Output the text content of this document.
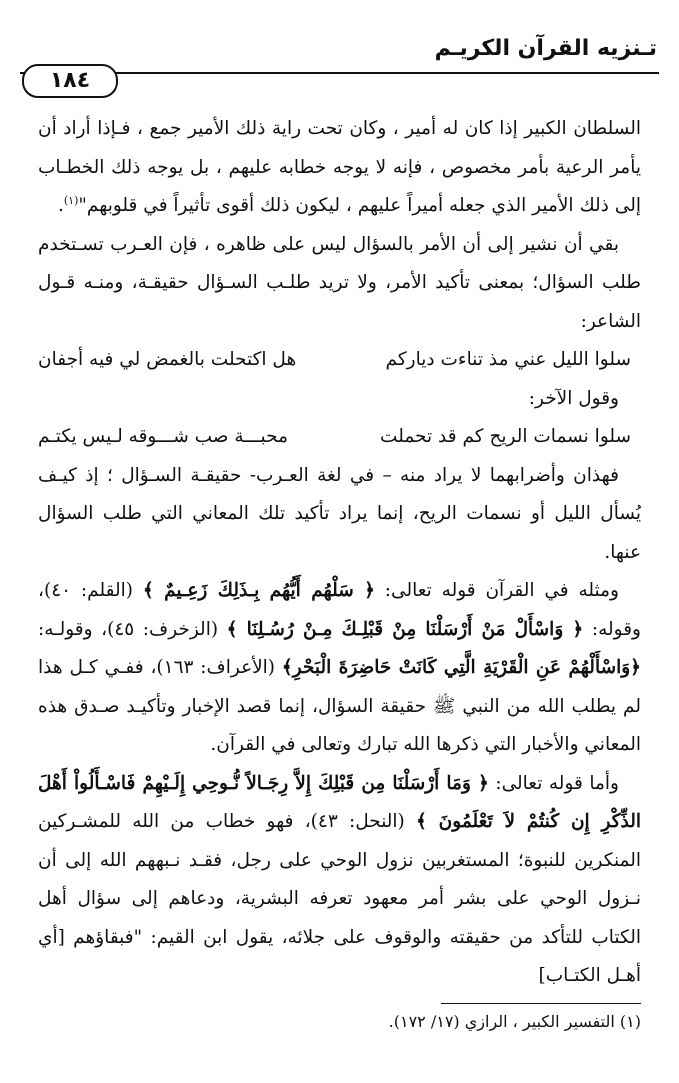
تـنزيه القرآن الكريـم
١٨٤

السلطان الكبير إذا كان له أمير ، وكان تحت راية ذلك الأمير جمع ، فـإذا أراد أن يأمر الرعية بأمر مخصوص ، فإنه لا يوجه خطابه عليهم ، بل يوجه ذلك الخطـاب إلى ذلك الأمير الذي جعله أميراً عليهم ، ليكون ذلك أقوى تأثيراً في قلوبهم"$^{(١)}$.

بقي أن نشير إلى أن الأمر بالسؤال ليس على ظاهره ، فإن العـرب تسـتخدم طلب السؤال؛ بمعنى تأكيد الأمر، ولا تريد طلـب السـؤال حقيقـة، ومنـه قـول الشاعر:

سلوا الليل عني مذ تناءت دياركم
هل اكتحلت بالغمض لي فيه أجفان

وقول الآخر:

سلوا نسمات الريح كم قد تحملت
محبـــة صب شـــوقه لـيس يكتـم

فهذان وأضرابهما لا يراد منه – في لغة العـرب- حقيقـة السـؤال ؛ إذ كيـف يُسأل الليل أو نسمات الريح، إنما يراد تأكيد تلك المعاني التي طلب السؤال عنها.

ومثله في القرآن قوله تعالى: ﴿ سَلْهُم أَيُّهُم بِـذَلِكَ زَعِـيمٌ ﴾ (القلم: ٤٠)، وقوله: ﴿ وَاسْأَلْ مَنْ أَرْسَلْنَا مِنْ قَبْلِـكَ مِـنْ رُسُـلِنَا ﴾ (الزخرف: ٤٥)، وقولـه: ﴿وَاسْأَلْهُمْ عَنِ الْقَرْيَةِ الَّتِي كَانَتْ حَاضِرَةَ الْبَحْرِ﴾ (الأعراف: ١٦٣)، ففـي كـل هذا لم يطلب الله من النبي ﷺ حقيقة السؤال، إنما قصد الإخبار وتأكيـد صـدق هذه المعاني والأخبار التي ذكرها الله تبارك وتعالى في القرآن.

وأما قوله تعالى: ﴿ وَمَا أَرْسَلْنَا مِن قَبْلِكَ إِلاَّ رِجَـالاً نُّـوحِي إِلَـيْهِمْ فَاسْـأَلُواْ أَهْلَ الذِّكْرِ إِن كُنتُمْ لاَ تَعْلَمُونَ ﴾ (النحل: ٤٣)، فهو خطاب من الله للمشـركين المنكرين للنبوة؛ المستغربين نزول الوحي على رجل، فقـد نـبههم الله إلى أن نـزول الوحي على بشر أمر معهود تعرفه البشرية، ودعاهم إلى سؤال أهل الكتاب للتأكد من حقيقته والوقوف على جلائه، يقول ابن القيم: "فبقاؤهم [أي أهـل الكتـاب]

(١) التفسير الكبير ، الرازي (١٧/ ١٧٢).
